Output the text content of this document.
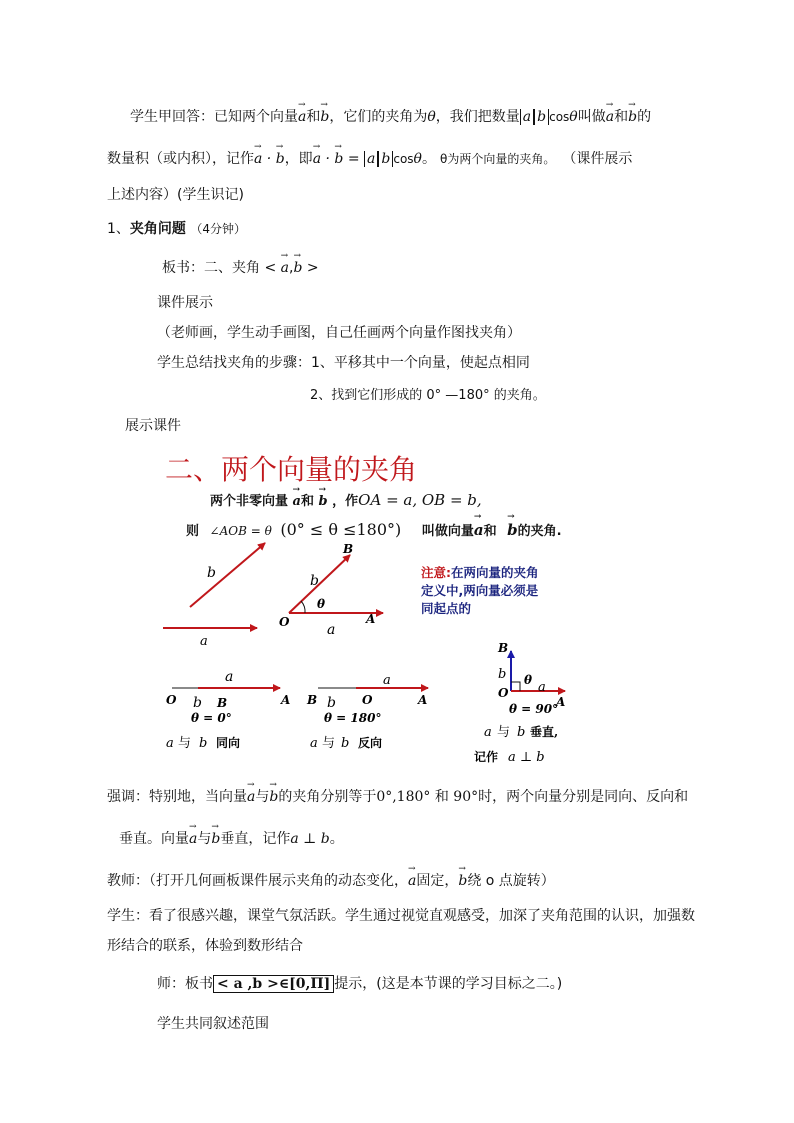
学生甲回答：已知两个向量→ a和→ b，它们的夹角为θ，我们把数量 a b cosθ叫做→ a和→ b的
数量积（或内积），记作→ a · → b，即→ a · → b = a b cosθ。 θ为两个向量的夹角。 （课件展示
上述内容）(学生识记)
1、夹角问题 （4分钟）
板书：二、夹角 < → a,→ b >
课件展示
（老师画，学生动手画图，自己任画两个向量作图找夹角）
学生总结找夹角的步骤：1、平移其中一个向量，使起点相同
2、找到它们形成的 0° —180° 的夹角。
展示课件
二、两个向量的夹角
两个非零向量 → a和 → b ，作OA = a, OB = b,
则 ∠AOB = θ (0° ≤ θ ≤180°) 叫做向量→ a和 → b的夹角.
注意:在两向量的夹角
定义中,两向量必须是
同起点的
b
a
B
b
θ
O	a
A
O b B
a
A
θ = 0°
a 与 b 同向
B b O
a
A
θ = 180°
a 与 b 反向
B
b
O
θ a
A
θ = 90°
a 与 b 垂直,
记作 a ⊥ b
强调：特别地，当向量→ a与→ b的夹角分别等于0°,180° 和 90°时，两个向量分别是同向、反向和
垂直。向量→ a与→ b垂直，记作a ⊥ b。
教师：（打开几何画板课件展示夹角的动态变化，→ a固定，→ b绕 o 点旋转）
学生：看了很感兴趣，课堂气氛活跃。学生通过视觉直观感受，加深了夹角范围的认识，加强数
形结合的联系，体验到数形结合
师：板书 < a ,b >∈[0,Π] 提示，(这是本节课的学习目标之二。)
学生共同叙述范围
